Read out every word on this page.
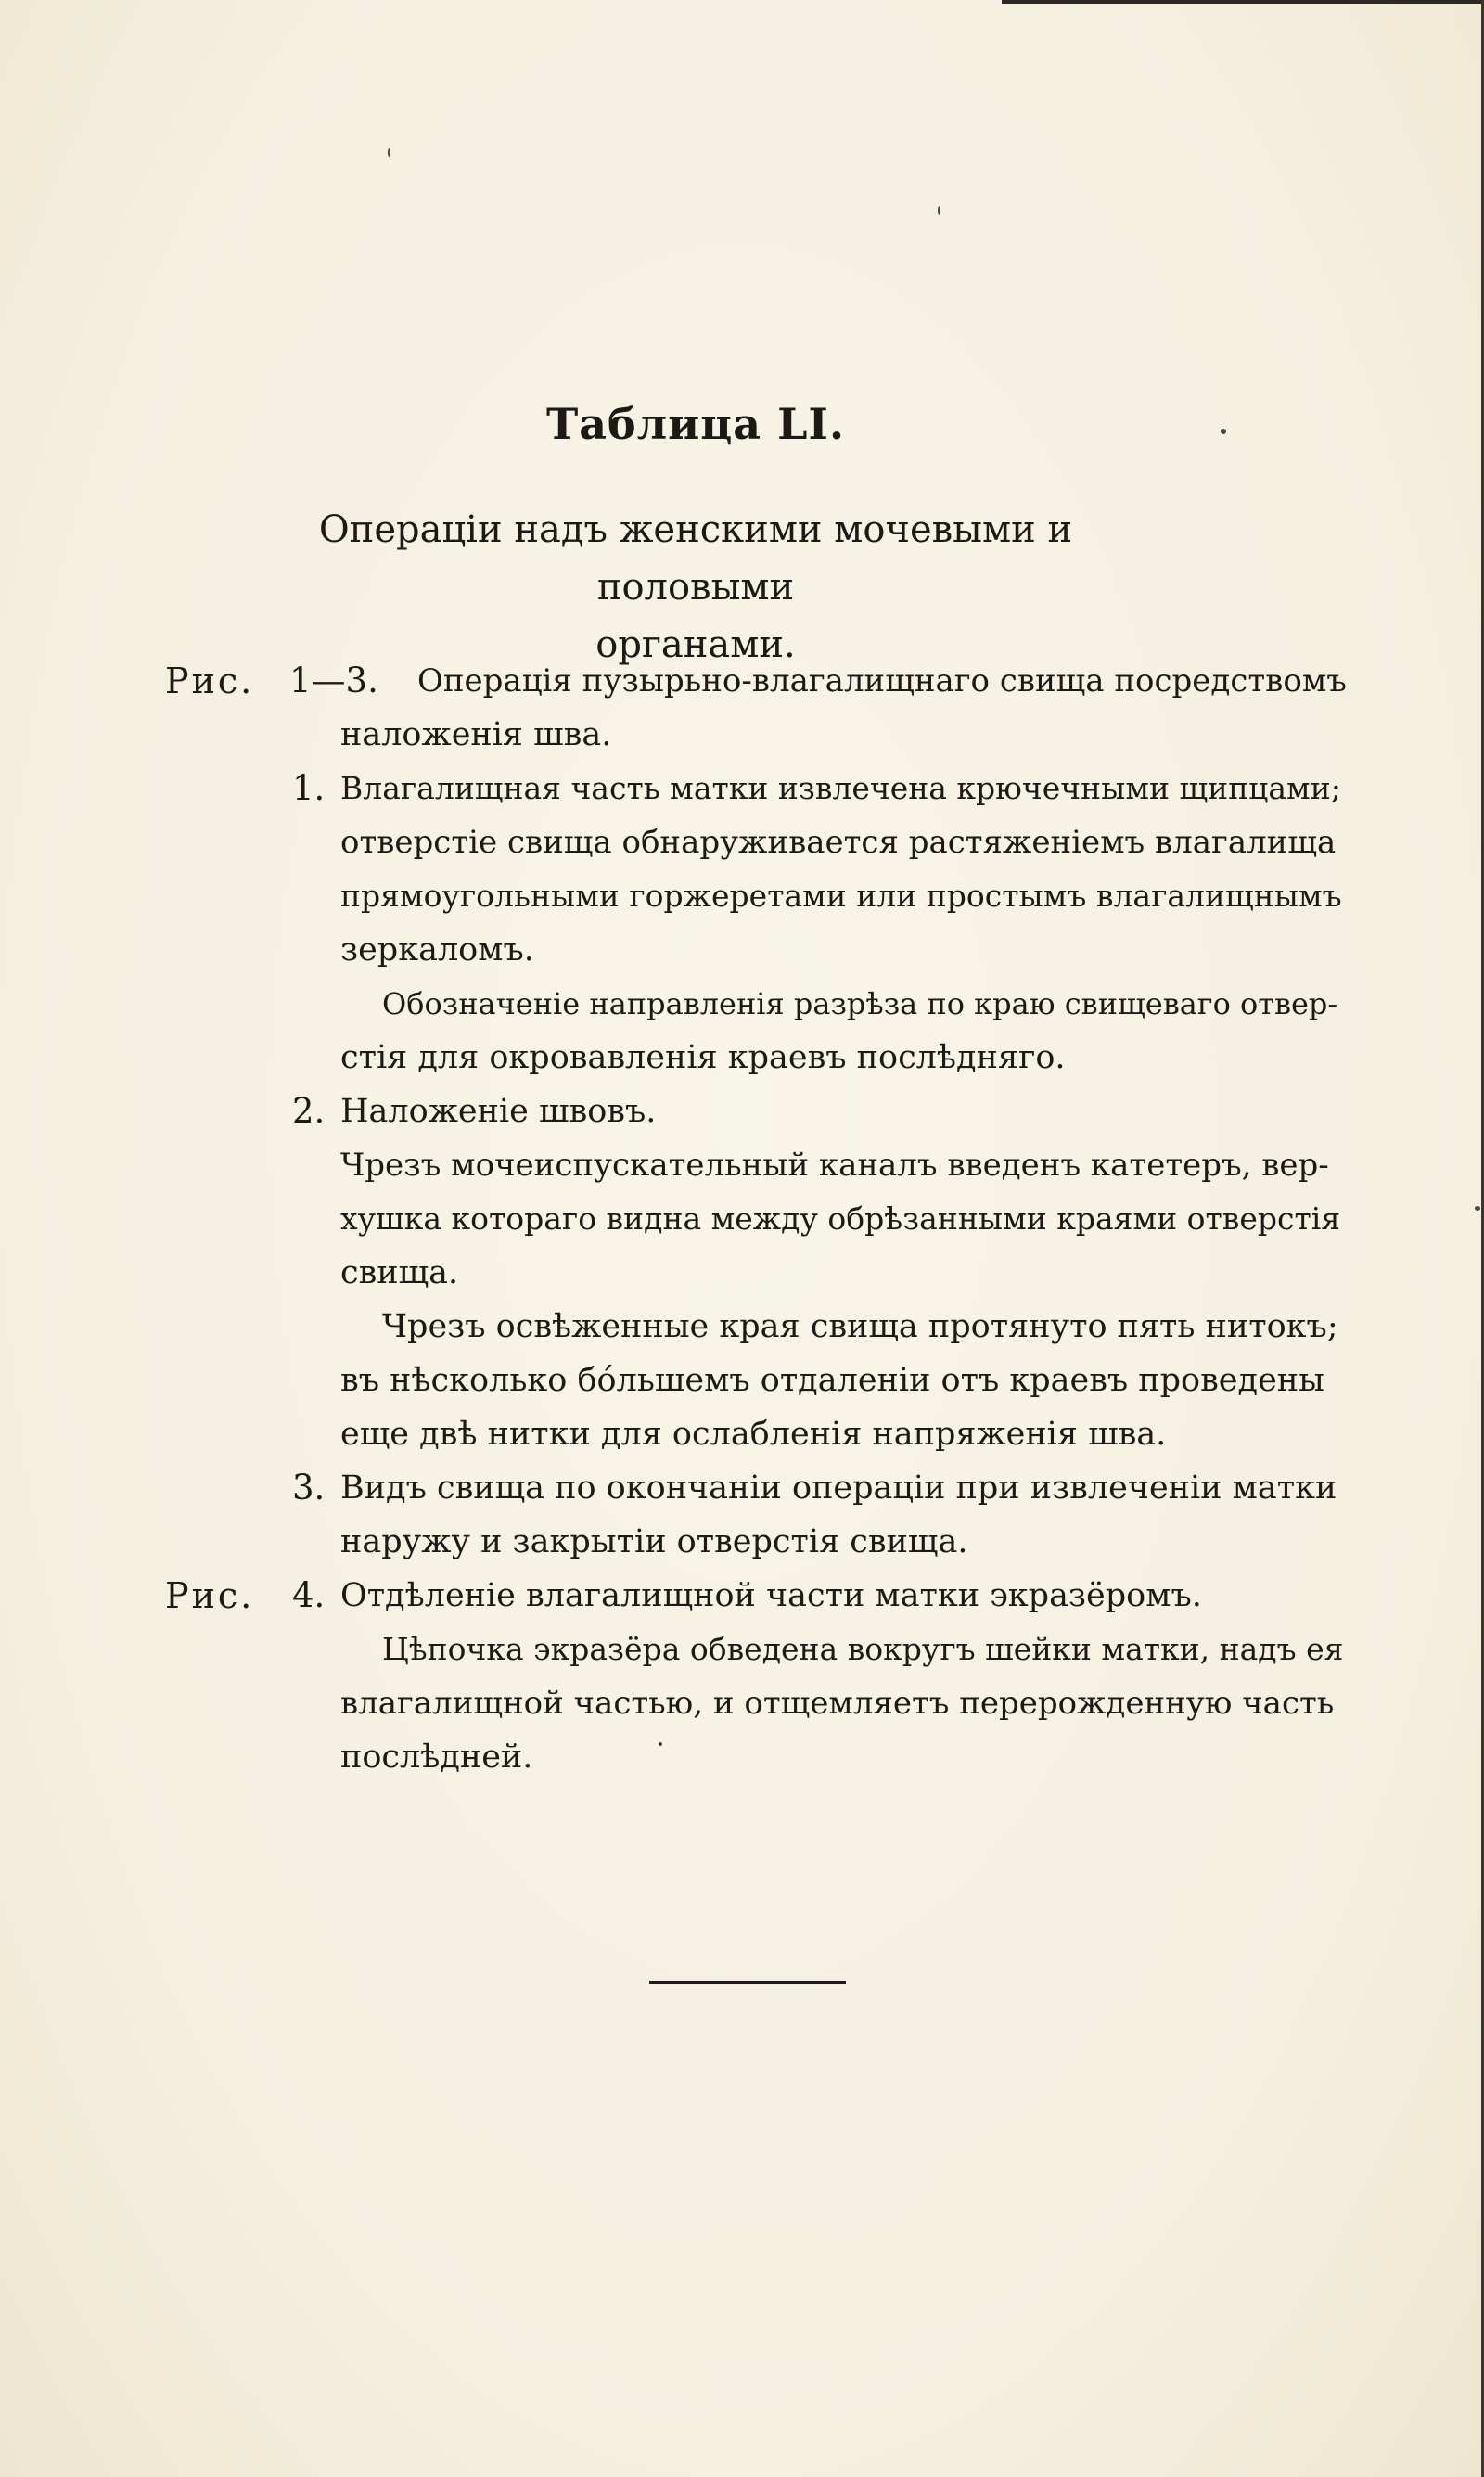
Таблица LI.
Операціи надъ женскими мочевыми и половыми
органами.
Рис. 1—3. Операція пузырьно-влагалищнаго свища посредствомъ
наложенія шва.
1. Влагалищная часть матки извлечена крючечными щипцами;
отверстіе свища обнаруживается растяженіемъ влагалища
прямоугольными горжеретами или простымъ влагалищнымъ
зеркаломъ.
Обозначеніе направленія разрѣза по краю свищеваго отвер-
стія для окровавленія краевъ послѣдняго.
2. Наложеніе швовъ.
Чрезъ мочеиспускательный каналъ введенъ катетеръ, вер-
хушка котораго видна между обрѣзанными краями отверстія
свища.
Чрезъ освѣженные края свища протянуто пять нитокъ;
въ нѣсколько бо́льшемъ отдаленіи отъ краевъ проведены
еще двѣ нитки для ослабленія напряженія шва.
3. Видъ свища по окончаніи операціи при извлеченіи матки
наружу и закрытіи отверстія свища.
Рис. 4. Отдѣленіе влагалищной части матки экразёромъ.
Цѣпочка экразёра обведена вокругъ шейки матки, надъ ея
влагалищной частью, и отщемляетъ перерожденную часть
послѣдней.
